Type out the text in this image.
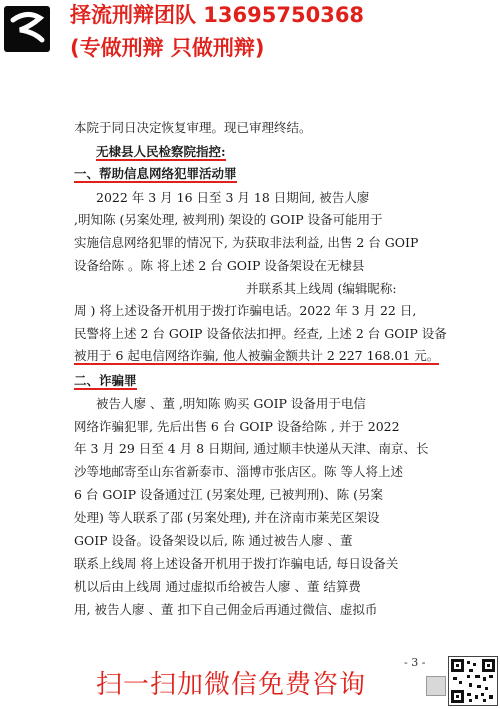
择流刑辩团队 13695750368
(专做刑辩 只做刑辩)
本院于同日决定恢复审理。现已审理终结。
无棣县人民检察院指控:
一、帮助信息网络犯罪活动罪
2022 年 3 月 16 日至 3 月 18 日期间, 被告人廖
,明知陈 (另案处理, 被判刑) 架设的 GOIP 设备可能用于
实施信息网络犯罪的情况下, 为获取非法利益, 出售 2 台 GOIP
设备给陈 。陈 将上述 2 台 GOIP 设备架设在无棣县
并联系其上线周 (编辑昵称:
周 ) 将上述设备开机用于拨打诈骗电话。2022 年 3 月 22 日,
民警将上述 2 台 GOIP 设备依法扣押。经查, 上述 2 台 GOIP 设备
被用于 6 起电信网络诈骗, 他人被骗金额共计 2 227 168.01 元。
二、诈骗罪
被告人廖 、董 ,明知陈 购买 GOIP 设备用于电信
网络诈骗犯罪, 先后出售 6 台 GOIP 设备给陈 , 并于 2022
年 3 月 29 日至 4 月 8 日期间, 通过顺丰快递从天津、南京、长
沙等地邮寄至山东省新泰市、淄博市张店区。陈 等人将上述
6 台 GOIP 设备通过江 (另案处理, 已被判刑)、陈 (另案
处理) 等人联系了邵 (另案处理), 并在济南市莱芜区架设
GOIP 设备。设备架设以后, 陈 通过被告人廖 、董
联系上线周 将上述设备开机用于拨打诈骗电话, 每日设备关
机以后由上线周 通过虚拟币给被告人廖 、董 结算费
用, 被告人廖 、董 扣下自己佣金后再通过微信、虚拟币
- 3 -
扫一扫加微信免费咨询
